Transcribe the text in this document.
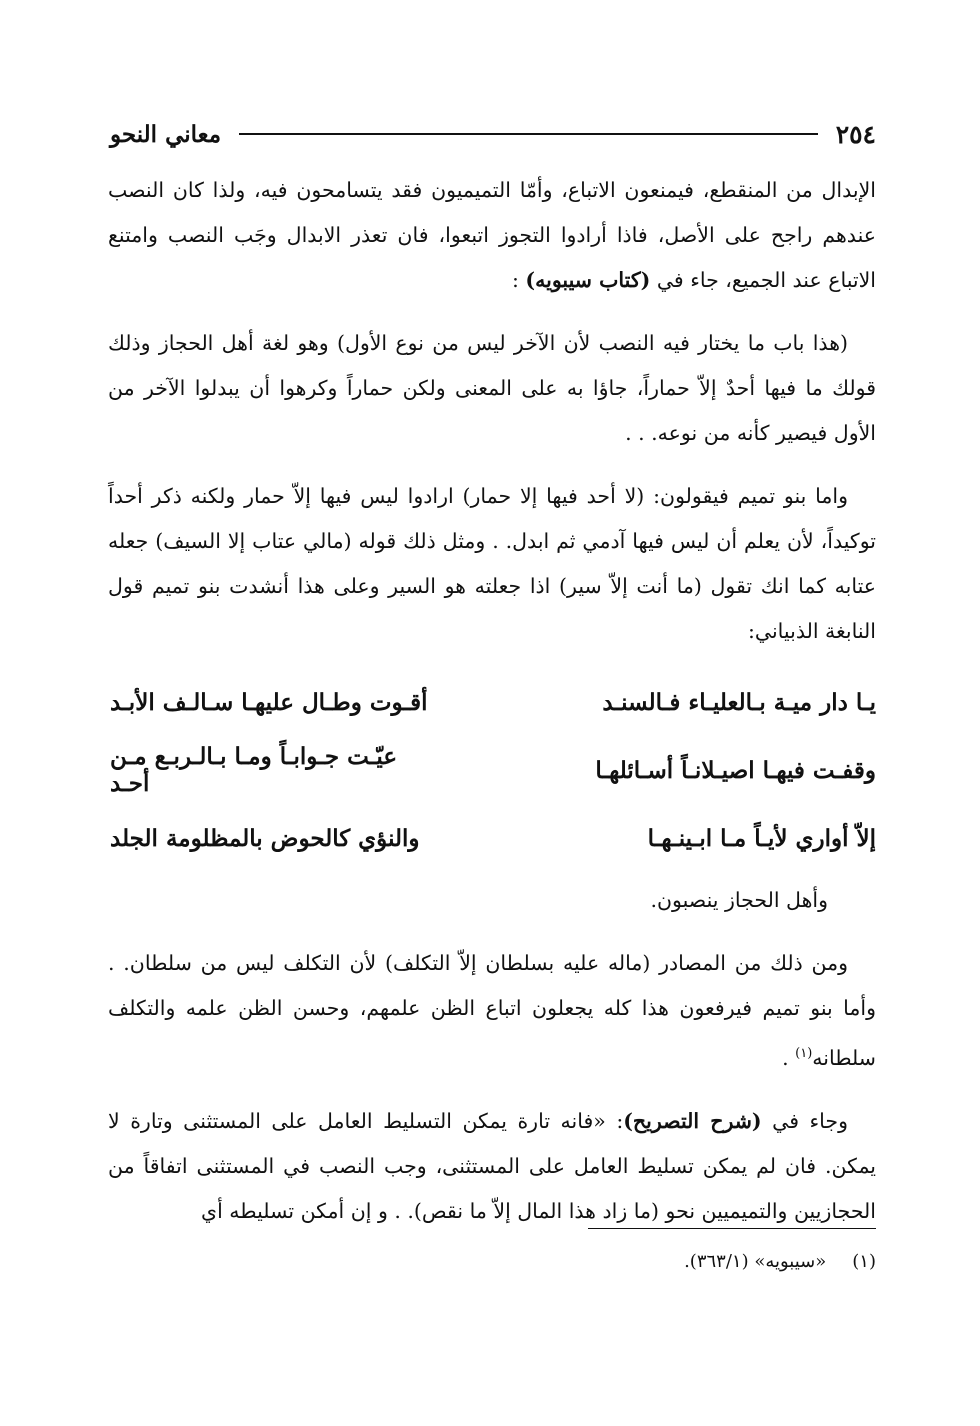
٢٥٤
معاني النحو

الإبدال من المنقطع، فيمنعون الاتباع، وأمّا التميميون فقد يتسامحون فيه، ولذا كان النصب عندهم راجح على الأصل، فاذا أرادوا التجوز اتبعوا، فان تعذر الابدال وجَب النصب وامتنع الاتباع عند الجميع، جاء في (كتاب سيبويه) :

(هذا باب ما يختار فيه النصب لأن الآخر ليس من نوع الأول) وهو لغة أهل الحجاز وذلك قولك ما فيها أحدٌ إلاّ حماراً، جاؤا به على المعنى ولكن حماراً وكرهوا أن يبدلوا الآخر من الأول فيصير كأنه من نوعه. . .

واما بنو تميم فيقولون: (لا أحد فيها إلا حمار) ارادوا ليس فيها إلاّ حمار ولكنه ذكر أحداً توكيداً، لأن يعلم أن ليس فيها آدمي ثم ابدل. . ومثل ذلك قوله (مالي عتاب إلا السيف) جعله عتابه كما انك تقول (ما أنت إلاّ سير) اذا جعلته هو السير وعلى هذا أنشدت بنو تميم قول النابغة الذبياني:

يـا دار ميـة بـالعليـاء فـالسنـد
أقـوت وطـال عليهـا سـالـف الأبـد
وقفـت فيهـا اصيـلانـاً أسـائلهـا
عيّـت جـوابـاً ومـا بـالـربـع مـن أحـد
إلاّ أواري لأيـاً مـا ابـينـهـا
والنؤي كالحوض بالمظلومة الجلد

وأهل الحجاز ينصبون.

ومن ذلك من المصادر (ماله عليه بسلطان إلاّ التكلف) لأن التكلف ليس من سلطان. . وأما بنو تميم فيرفعون هذا كله يجعلون اتباع الظن علمهم، وحسن الظن علمه والتكلف سلطانه$^{(١)}$ .

وجاء في (شرح التصريح): «فانه تارة يمكن التسليط العامل على المستثنى وتارة لا يمكن. فان لم يمكن تسليط العامل على المستثنى، وجب النصب في المستثنى اتفاقاً من الحجازيين والتميميين نحو (ما زاد هذا المال إلاّ ما نقص). . و إن أمكن تسليطه أي

(١)«سيبويه» (٣٦٣/١).
